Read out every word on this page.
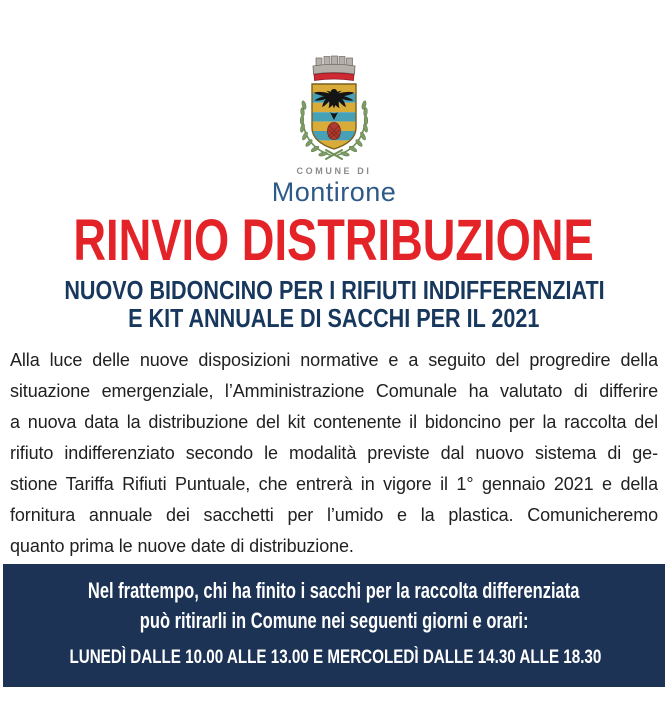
COMUNE DI
Montirone
RINVIO DISTRIBUZIONE
NUOVO BIDONCINO PER I RIFIUTI INDIFFERENZIATI
E KIT ANNUALE DI SACCHI PER IL 2021
Alla luce delle nuove disposizioni normative e a seguito del progredire della
situazione emergenziale, l’Amministrazione Comunale ha valutato di differire
a nuova data la distribuzione del kit contenente il bidoncino per la raccolta del
rifiuto indifferenziato secondo le modalità previste dal nuovo sistema di ge-
stione Tariffa Rifiuti Puntuale, che entrerà in vigore il 1° gennaio 2021 e della
fornitura annuale dei sacchetti per l’umido e la plastica. Comunicheremo
quanto prima le nuove date di distribuzione.
Nel frattempo, chi ha finito i sacchi per la raccolta differenziata
può ritirarli in Comune nei seguenti giorni e orari:
LUNEDÌ DALLE 10.00 ALLE 13.00 E MERCOLEDÌ DALLE 14.30 ALLE 18.30
